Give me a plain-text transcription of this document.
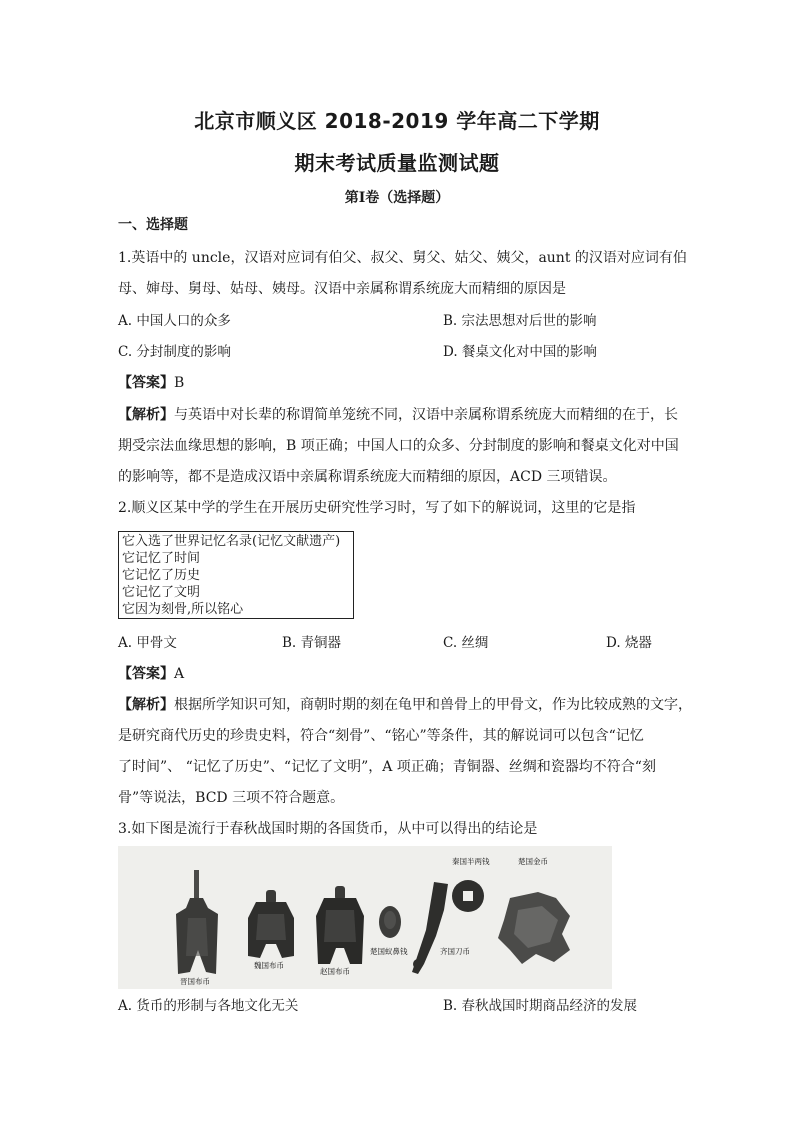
北京市顺义区 2018-2019 学年高二下学期
期末考试质量监测试题
第Ⅰ卷（选择题）
一、选择题
1.英语中的 uncle，汉语对应词有伯父、叔父、舅父、姑父、姨父，aunt 的汉语对应词有伯
母、婶母、舅母、姑母、姨母。汉语中亲属称谓系统庞大而精细的原因是
A. 中国人口的众多	B. 宗法思想对后世的影响
C. 分封制度的影响	D. 餐桌文化对中国的影响
【答案】B
【解析】与英语中对长辈的称谓简单笼统不同，汉语中亲属称谓系统庞大而精细的在于，长
期受宗法血缘思想的影响，B 项正确；中国人口的众多、分封制度的影响和餐桌文化对中国
的影响等，都不是造成汉语中亲属称谓系统庞大而精细的原因，ACD 三项错误。
2.顺义区某中学的学生在开展历史研究性学习时，写了如下的解说词，这里的它是指
它入选了世界记忆名录(记忆文献遗产)
它记忆了时间
它记忆了历史
它记忆了文明
它因为刻骨,所以铭心
A. 甲骨文	B. 青铜器	C. 丝绸	D. 烧器
【答案】A
【解析】根据所学知识可知，商朝时期的刻在龟甲和兽骨上的甲骨文，作为比较成熟的文字，
是研究商代历史的珍贵史料，符合“刻骨”、“铭心”等条件，其的解说词可以包含“记忆
了时间”、 “记忆了历史”、“记忆了文明”，A 项正确；青铜器、丝绸和瓷器均不符合“刻
骨”等说法，BCD 三项不符合题意。
3.如下图是流行于春秋战国时期的各国货币，从中可以得出的结论是
晋国布币
魏国布币
赵国布币
楚国蚁鼻钱	齐国刀币
秦国半两钱	楚国金币
A. 货币的形制与各地文化无关	B. 春秋战国时期商品经济的发展
